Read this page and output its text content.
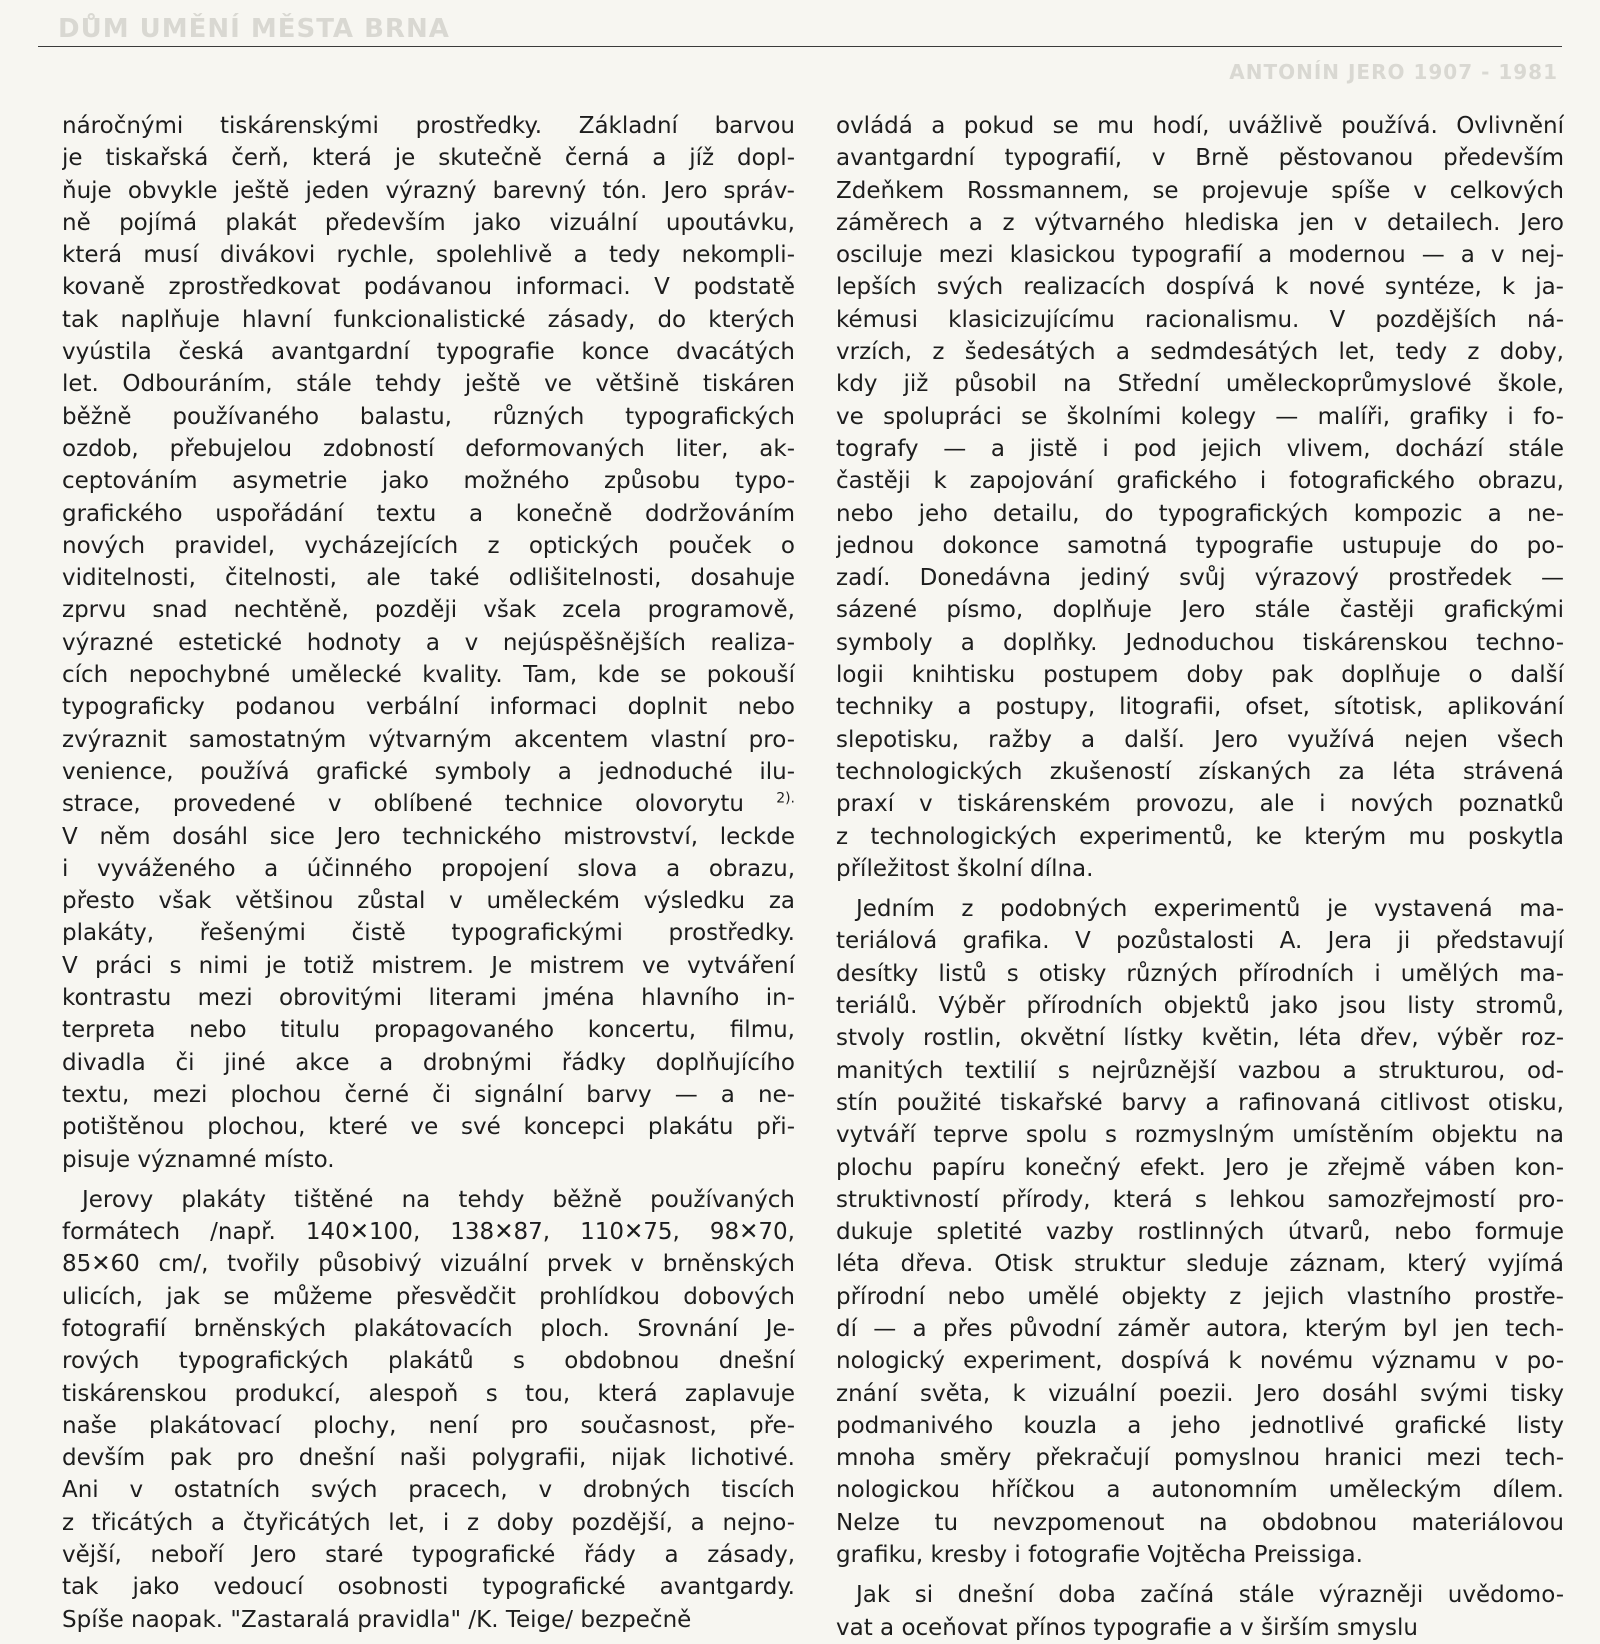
DŮM UMĚNÍ MĚSTA BRNA
ANTONÍN JERO 1907 - 1981
náročnými tiskárenskými prostředky. Základní barvou
je tiskařská čerň, která je skutečně černá a jíž dopl-
ňuje obvykle ještě jeden výrazný barevný tón. Jero správ-
ně pojímá plakát především jako vizuální upoutávku,
která musí divákovi rychle, spolehlivě a tedy nekompli-
kovaně zprostředkovat podávanou informaci. V podstatě
tak naplňuje hlavní funkcionalistické zásady, do kterých
vyústila česká avantgardní typografie konce dvacátých
let. Odbouráním, stále tehdy ještě ve většině tiskáren
běžně používaného balastu, různých typografických
ozdob, přebujelou zdobností deformovaných liter, ak-
ceptováním asymetrie jako možného způsobu typo-
grafického uspořádání textu a konečně dodržováním
nových pravidel, vycházejících z optických pouček o
viditelnosti, čitelnosti, ale také odlišitelnosti, dosahuje
zprvu snad nechtěně, později však zcela programově,
výrazné estetické hodnoty a v nejúspěšnějších realiza-
cích nepochybné umělecké kvality. Tam, kde se pokouší
typograficky podanou verbální informaci doplnit nebo
zvýraznit samostatným výtvarným akcentem vlastní pro-
venience, používá grafické symboly a jednoduché ilu-
strace, provedené v oblíbené technice olovorytu $^{2).}$
V něm dosáhl sice Jero technického mistrovství, leckde
i vyváženého a účinného propojení slova a obrazu,
přesto však většinou zůstal v uměleckém výsledku za
plakáty, řešenými čistě typografickými prostředky.
V práci s nimi je totiž mistrem. Je mistrem ve vytváření
kontrastu mezi obrovitými literami jména hlavního in-
terpreta nebo titulu propagovaného koncertu, filmu,
divadla či jiné akce a drobnými řádky doplňujícího
textu, mezi plochou černé či signální barvy — a ne-
potištěnou plochou, které ve své koncepci plakátu při-
pisuje významné místo.
Jerovy plakáty tištěné na tehdy běžně používaných
formátech /např. 140✕100, 138✕87, 110✕75, 98✕70,
85✕60 cm/, tvořily působivý vizuální prvek v brněnských
ulicích, jak se můžeme přesvědčit prohlídkou dobových
fotografií brněnských plakátovacích ploch. Srovnání Je-
rových typografických plakátů s obdobnou dnešní
tiskárenskou produkcí, alespoň s tou, která zaplavuje
naše plakátovací plochy, není pro současnost, pře-
devším pak pro dnešní naši polygrafii, nijak lichotivé.
Ani v ostatních svých pracech, v drobných tiscích
z třicátých a čtyřicátých let, i z doby pozdější, a nejno-
vější, neboří Jero staré typografické řády a zásady,
tak jako vedoucí osobnosti typografické avantgardy.
Spíše naopak. "Zastaralá pravidla" /K. Teige/ bezpečně
ovládá a pokud se mu hodí, uvážlivě používá. Ovlivnění
avantgardní typografií, v Brně pěstovanou především
Zdeňkem Rossmannem, se projevuje spíše v celkových
záměrech a z výtvarného hlediska jen v detailech. Jero
osciluje mezi klasickou typografií a modernou — a v nej-
lepších svých realizacích dospívá k nové syntéze, k ja-
kémusi klasicizujícímu racionalismu. V pozdějších ná-
vrzích, z šedesátých a sedmdesátých let, tedy z doby,
kdy již působil na Střední uměleckoprůmyslové škole,
ve spolupráci se školními kolegy — malíři, grafiky i fo-
tografy — a jistě i pod jejich vlivem, dochází stále
častěji k zapojování grafického i fotografického obrazu,
nebo jeho detailu, do typografických kompozic a ne-
jednou dokonce samotná typografie ustupuje do po-
zadí. Donedávna jediný svůj výrazový prostředek —
sázené písmo, doplňuje Jero stále častěji grafickými
symboly a doplňky. Jednoduchou tiskárenskou techno-
logii knihtisku postupem doby pak doplňuje o další
techniky a postupy, litografii, ofset, sítotisk, aplikování
slepotisku, ražby a další. Jero využívá nejen všech
technologických zkušeností získaných za léta strávená
praxí v tiskárenském provozu, ale i nových poznatků
z technologických experimentů, ke kterým mu poskytla
příležitost školní dílna.
Jedním z podobných experimentů je vystavená ma-
teriálová grafika. V pozůstalosti A. Jera ji představují
desítky listů s otisky různých přírodních i umělých ma-
teriálů. Výběr přírodních objektů jako jsou listy stromů,
stvoly rostlin, okvětní lístky květin, léta dřev, výběr roz-
manitých textilií s nejrůznější vazbou a strukturou, od-
stín použité tiskařské barvy a rafinovaná citlivost otisku,
vytváří teprve spolu s rozmyslným umístěním objektu na
plochu papíru konečný efekt. Jero je zřejmě váben kon-
struktivností přírody, která s lehkou samozřejmostí pro-
dukuje spletité vazby rostlinných útvarů, nebo formuje
léta dřeva. Otisk struktur sleduje záznam, který vyjímá
přírodní nebo umělé objekty z jejich vlastního prostře-
dí — a přes původní záměr autora, kterým byl jen tech-
nologický experiment, dospívá k novému významu v po-
znání světa, k vizuální poezii. Jero dosáhl svými tisky
podmanivého kouzla a jeho jednotlivé grafické listy
mnoha směry překračují pomyslnou hranici mezi tech-
nologickou hříčkou a autonomním uměleckým dílem.
Nelze tu nevzpomenout na obdobnou materiálovou
grafiku, kresby i fotografie Vojtěcha Preissiga.
Jak si dnešní doba začíná stále výrazněji uvědomo-
vat a oceňovat přínos typografie a v širším smyslu
